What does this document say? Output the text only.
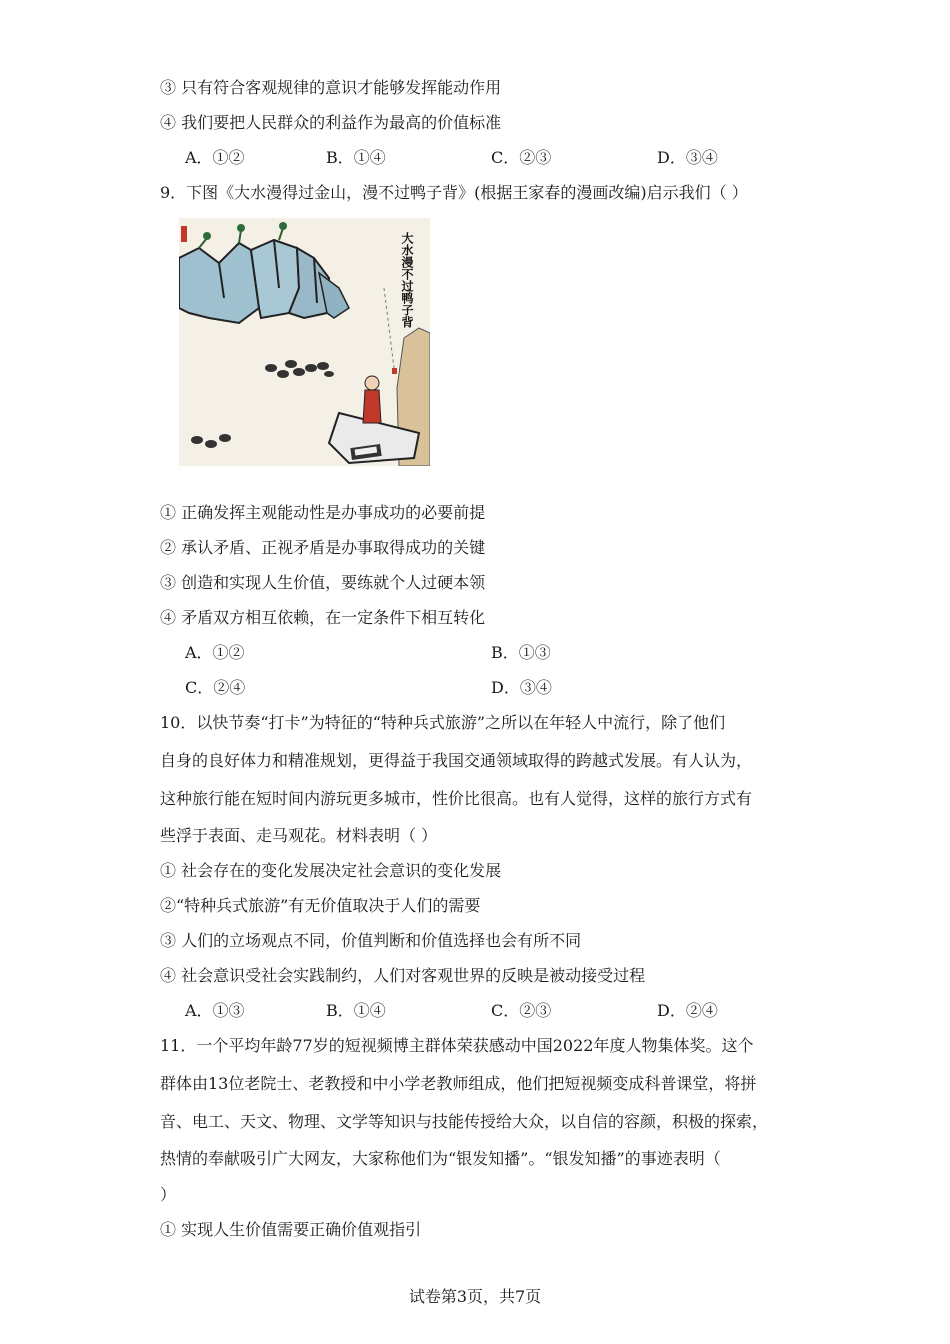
③ 只有符合客观规律的意识才能够发挥能动作用
④ 我们要把人民群众的利益作为最高的价值标准
A．①②	B．①④	C．②③	D．③④
9．下图《大水漫得过金山，漫不过鸭子背》(根据王家春的漫画改编)启示我们（ ）
大水漫不过鸭子背
① 正确发挥主观能动性是办事成功的必要前提
② 承认矛盾、正视矛盾是办事取得成功的关键
③ 创造和实现人生价值，要练就个人过硬本领
④ 矛盾双方相互依赖，在一定条件下相互转化
A．①②	B．①③
C．②④	D．③④
10．以快节奏“打卡”为特征的“特种兵式旅游”之所以在年轻人中流行，除了他们
自身的良好体力和精准规划，更得益于我国交通领域取得的跨越式发展。有人认为，
这种旅行能在短时间内游玩更多城市，性价比很高。也有人觉得，这样的旅行方式有
些浮于表面、走马观花。材料表明（ ）
① 社会存在的变化发展决定社会意识的变化发展
②“特种兵式旅游”有无价值取决于人们的需要
③ 人们的立场观点不同，价值判断和价值选择也会有所不同
④ 社会意识受社会实践制约，人们对客观世界的反映是被动接受过程
A．①③	B．①④	C．②③	D．②④
11．一个平均年龄77岁的短视频博主群体荣获感动中国2022年度人物集体奖。这个
群体由13位老院士、老教授和中小学老教师组成，他们把短视频变成科普课堂，将拼
音、电工、天文、物理、文学等知识与技能传授给大众，以自信的容颜，积极的探索，
热情的奉献吸引广大网友，大家称他们为“银发知播”。“银发知播”的事迹表明（
）
① 实现人生价值需要正确价值观指引
试卷第3页，共7页
